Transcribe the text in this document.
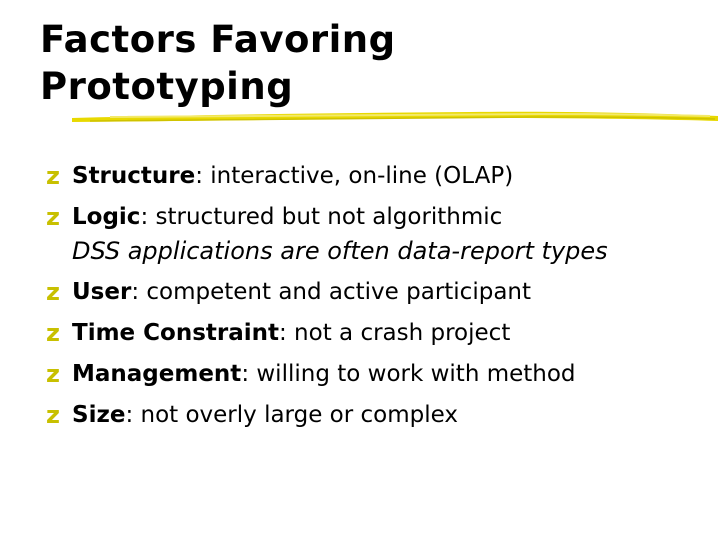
Factors Favoring
Prototyping
z Structure: interactive, on-line (OLAP)
z Logic: structured but not algorithmic
DSS applications are often data-report types
z User: competent and active participant
z Time Constraint: not a crash project
z Management: willing to work with method
z Size: not overly large or complex
